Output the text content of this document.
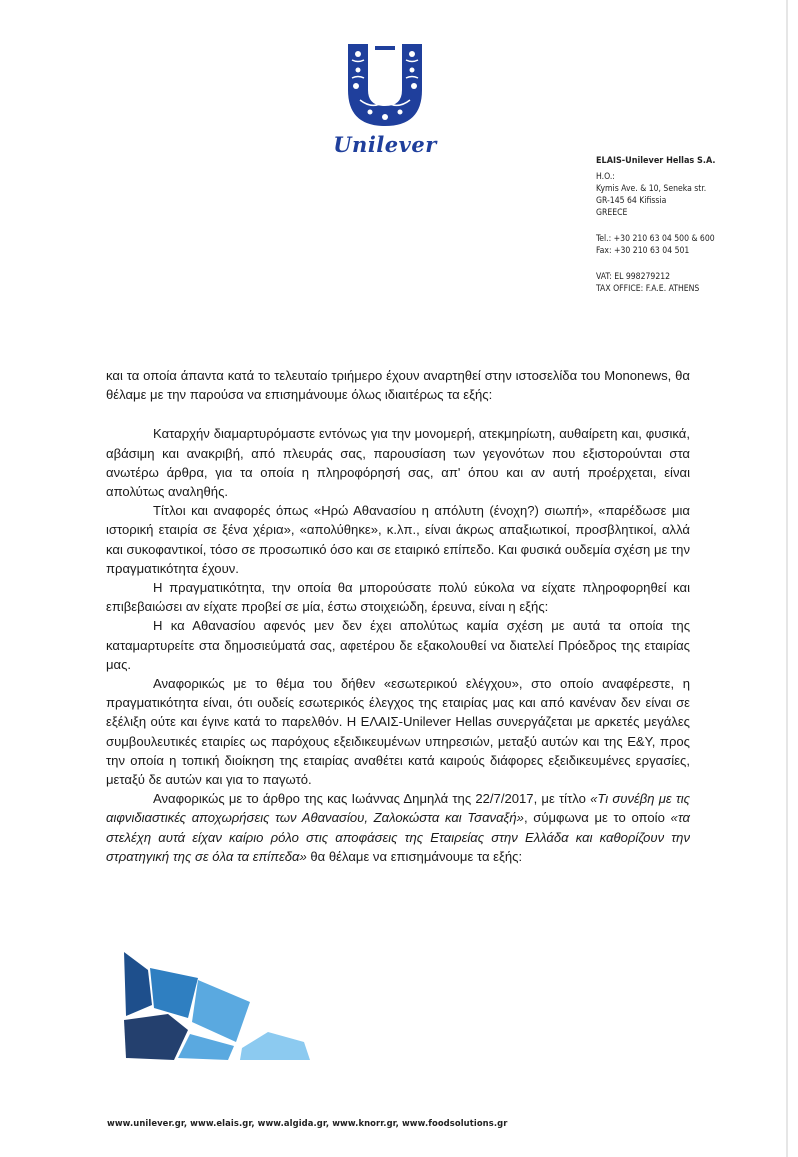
Unilever
ELAIS-Unilever Hellas S.A.
H.O.:
Kymis Ave. & 10, Seneka str.
GR-145 64 Kifissia
GREECE
Tel.: +30 210 63 04 500 & 600
Fax: +30 210 63 04 501
VAT: EL 998279212
TAX OFFICE: F.A.E. ATHENS

και τα οποία άπαντα κατά το τελευταίο τριήμερο έχουν αναρτηθεί στην ιστοσελίδα του Mononews, θα θέλαμε με την παρούσα να επισημάνουμε όλως ιδιαιτέρως τα εξής:

Καταρχήν διαμαρτυρόμαστε εντόνως για την μονομερή, ατεκμηρίωτη, αυθαίρετη και, φυσικά, αβάσιμη και ανακριβή, από πλευράς σας, παρουσίαση των γεγονότων που εξιστορούνται στα ανωτέρω άρθρα, για τα οποία η πληροφόρησή σας, απ' όπου και αν αυτή προέρχεται, είναι απολύτως αναληθής.

Τίτλοι και αναφορές όπως «Ηρώ Αθανασίου η απόλυτη (ένοχη?) σιωπή», «παρέδωσε μια ιστορική εταιρία σε ξένα χέρια», «απολύθηκε», κ.λπ., είναι άκρως απαξιωτικοί, προσβλητικοί, αλλά και συκοφαντικοί, τόσο σε προσωπικό όσο και σε εταιρικό επίπεδο. Και φυσικά ουδεμία σχέση με την πραγματικότητα έχουν.

Η πραγματικότητα, την οποία θα μπορούσατε πολύ εύκολα να είχατε πληροφορηθεί και επιβεβαιώσει αν είχατε προβεί σε μία, έστω στοιχειώδη, έρευνα, είναι η εξής:

Η κα Αθανασίου αφενός μεν δεν έχει απολύτως καμία σχέση με αυτά τα οποία της καταμαρτυρείτε στα δημοσιεύματά σας, αφετέρου δε εξακολουθεί να διατελεί Πρόεδρος της εταιρίας μας.

Αναφορικώς με το θέμα του δήθεν «εσωτερικού ελέγχου», στο οποίο αναφέρεστε, η πραγματικότητα είναι, ότι ουδείς εσωτερικός έλεγχος της εταιρίας μας και από κανέναν δεν είναι σε εξέλιξη ούτε και έγινε κατά το παρελθόν. Η ΕΛΑΙΣ-Unilever Hellas συνεργάζεται με αρκετές μεγάλες συμβουλευτικές εταιρίες ως παρόχους εξειδικευμένων υπηρεσιών, μεταξύ αυτών και της E&Y, προς την οποία η τοπική διοίκηση της εταιρίας αναθέτει κατά καιρούς διάφορες εξειδικευμένες εργασίες, μεταξύ δε αυτών και για το παγωτό.

Αναφορικώς με το άρθρο της κας Ιωάννας Δημηλά της 22/7/2017, με τίτλο «Τι συνέβη με τις αιφνιδιαστικές αποχωρήσεις των Αθανασίου, Ζαλοκώστα και Τσαναξή», σύμφωνα με το οποίο «τα στελέχη αυτά είχαν καίριο ρόλο στις αποφάσεις της Εταιρείας στην Ελλάδα και καθορίζουν την στρατηγική της σε όλα τα επίπεδα» θα θέλαμε να επισημάνουμε τα εξής:

www.unilever.gr, www.elais.gr, www.algida.gr, www.knorr.gr, www.foodsolutions.gr
